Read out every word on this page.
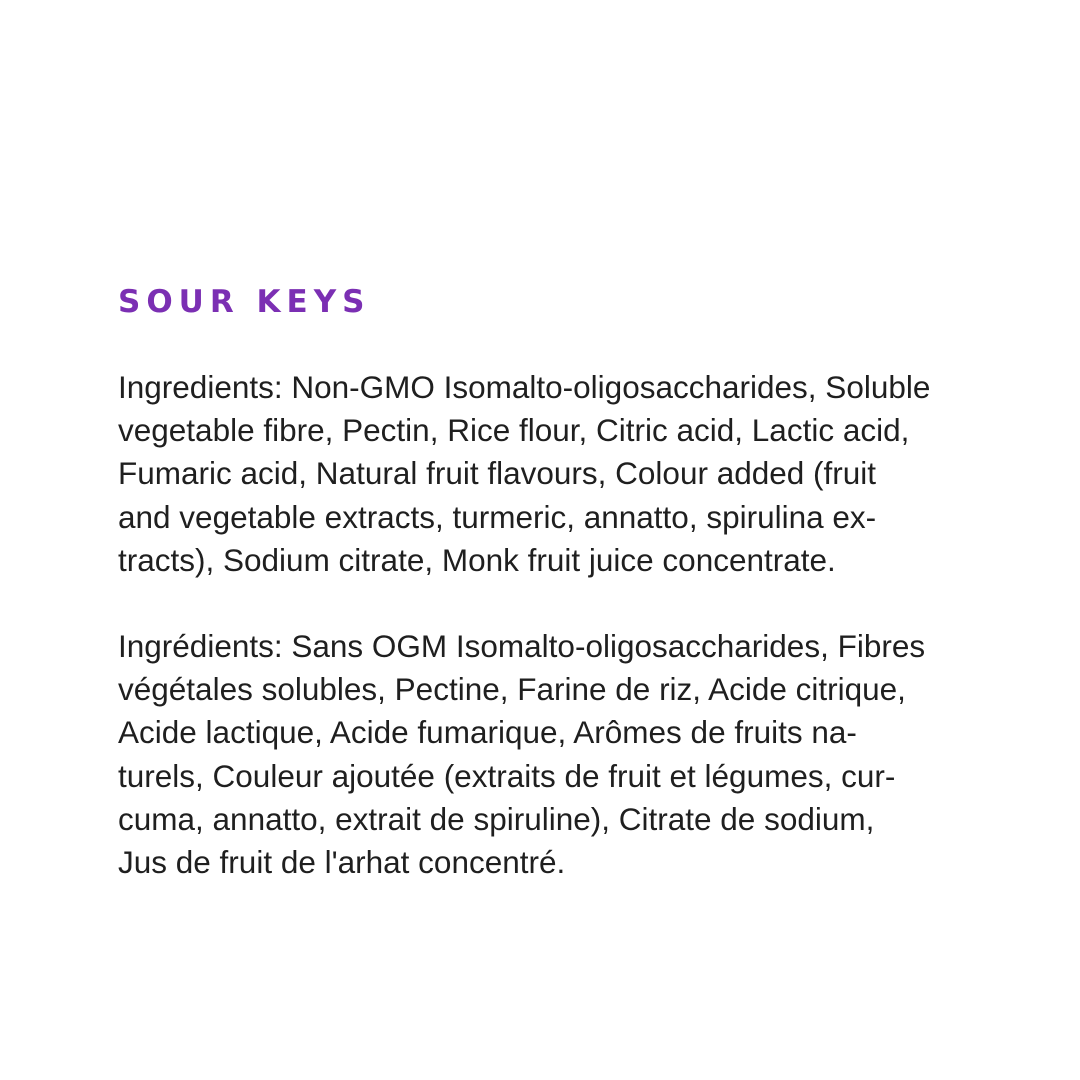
SOUR KEYS

Ingredients: Non-GMO Isomalto-oligosaccharides, Soluble
vegetable fibre, Pectin, Rice flour, Citric acid, Lactic acid,
Fumaric acid, Natural fruit flavours, Colour added (fruit
and vegetable extracts, turmeric, annatto, spirulina ex-
tracts), Sodium citrate, Monk fruit juice concentrate.

Ingrédients: Sans OGM Isomalto-oligosaccharides, Fibres
végétales solubles, Pectine, Farine de riz, Acide citrique,
Acide lactique, Acide fumarique, Arômes de fruits na-
turels, Couleur ajoutée (extraits de fruit et légumes, cur-
cuma, annatto, extrait de spiruline), Citrate de sodium,
Jus de fruit de l'arhat concentré.
